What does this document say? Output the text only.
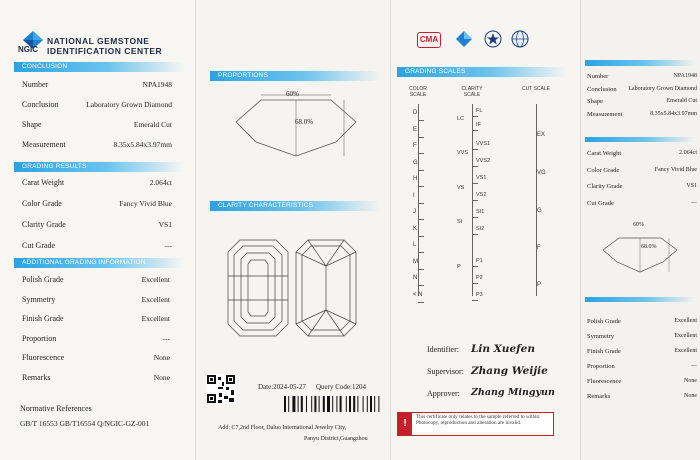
NGIC
NATIONAL GEMSTONE
IDENTIFICATION CENTER
CONCLUSION
Number	NPA1948
Conclusion	Laboratory Grown Diamond
Shape	Emerald Cut
Measurement	8.35x5.84x3.97mm
GRADING RESULTS
Carat Weight	2.064ct
Color Grade	Fancy Vivid Blue
Clarity Grade	VS1
Cut Grade	---
ADDITIONAL GRADING INFORMATION
Polish Grade	Excellent
Symmetry	Excellent
Finish Grade	Excellent
Proportion	---
Fluorescence	None
Remarks	None
Normative References
GB/T 16553 GB/T16554 Q/NGIC-GZ-001
PROPORTIONS
60%
68.0%
CLARITY CHARACTERISTICS
Date:2024-05-27 Query Code:1204
Add: C7,2nd Floor, Daluo International Jewelry City,
Panyu District,Guangzhou
CMA
GRADING SCALES
COLOR SCALE
CLARITY SCALE
CUT SCALE
D
E
F
G
H
I
J
K
L
M
N
< N
FL
IF
VVS1
VVS2
VS1
VS2
SI1
SI2
P1
P2
P3
LC
VVS
VS
SI
P
EX
VG
G
F
P
Identifier: Lin Xuefen
Supervisor: Zhang Weijie
Approver: Zhang Mingyun
!
This certificate only relates to the sample referred to within. Photocopy, reproduction and alteration are invalid.
Number	NPA1948
Conclusion	Laboratory Grown Diamond
Shape	Emerald Cut
Measurement	8.35x5.84x3.97mm
Carat Weight	2.064ct
Color Grade	Fancy Vivid Blue
Clarity Grade	VS1
Cut Grade	---
60%
68.0%
Polish Grade	Excellent
Symmetry	Excellent
Finish Grade	Excellent
Proportion	---
Fluorescence	None
Remarks	None
